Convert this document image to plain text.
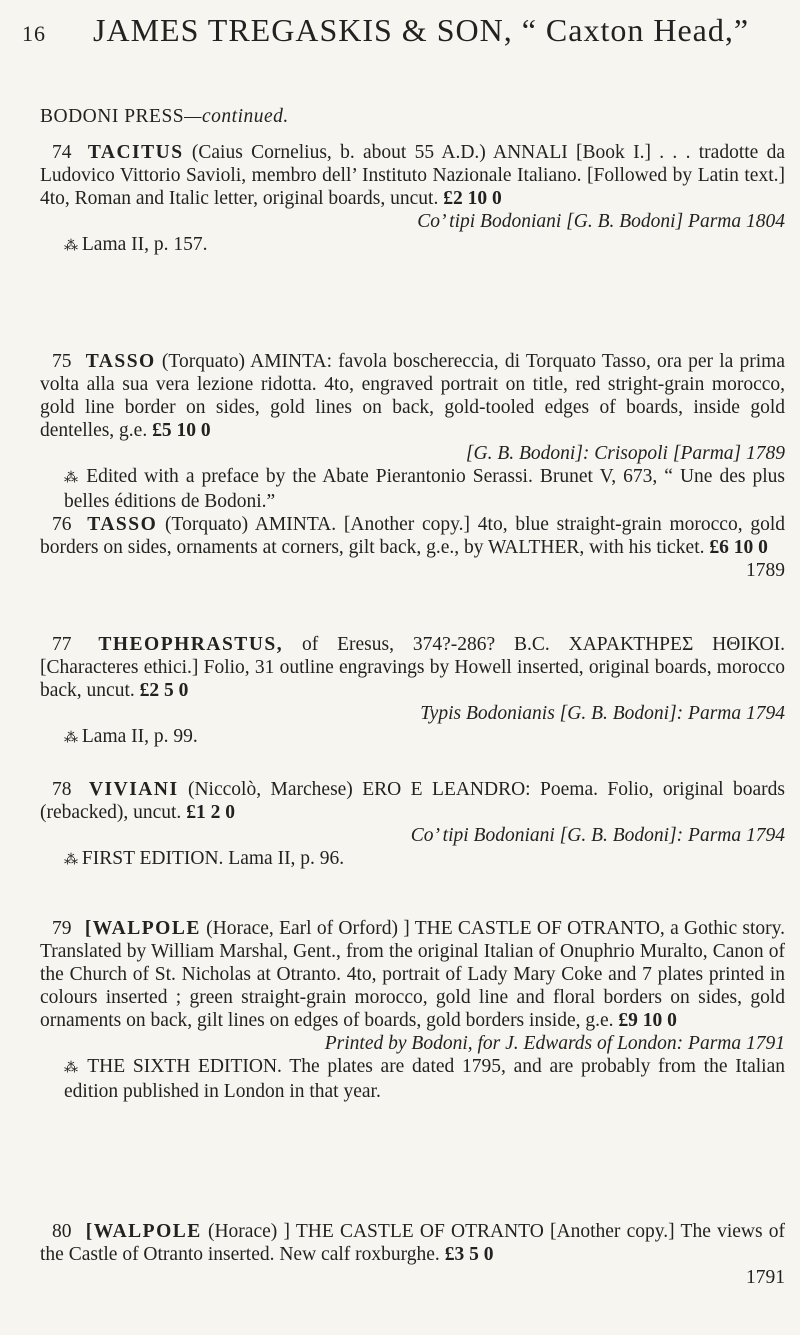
16 JAMES TREGASKIS & SON, “ Caxton Head,”
BODONI PRESS—continued.

74 TACITUS (Caius Cornelius, b. about 55 A.D.) ANNALI [Book I.] . . . tradotte da Ludovico Vittorio Savioli, membro dell’ Instituto Nazionale Italiano. [Followed by Latin text.] 4to, Roman and Italic letter, original boards, uncut. £2 10 0

Co’ tipi Bodoniani [G. B. Bodoni] Parma 1804

⁂ Lama II, p. 157.

75 TASSO (Torquato) AMINTA: favola boschereccia, di Torquato Tasso, ora per la prima volta alla sua vera lezione ridotta. 4to, engraved portrait on title, red stright-grain morocco, gold line border on sides, gold lines on back, gold-tooled edges of boards, inside gold dentelles, g.e. £5 10 0

[G. B. Bodoni]: Crisopoli [Parma] 1789

⁂ Edited with a preface by the Abate Pierantonio Serassi. Brunet V, 673, “ Une des plus belles éditions de Bodoni.”

76 TASSO (Torquato) AMINTA. [Another copy.] 4to, blue straight-grain morocco, gold borders on sides, ornaments at corners, gilt back, g.e., by WALTHER, with his ticket. £6 10 0

1789

77 THEOPHRASTUS, of Eresus, 374?-286? B.C. ΧΑΡΑΚΤΗΡΕΣ ΗΘΙΚΟΙ. [Characteres ethici.] Folio, 31 outline engravings by Howell inserted, original boards, morocco back, uncut. £2 5 0

Typis Bodonianis [G. B. Bodoni]: Parma 1794

⁂ Lama II, p. 99.

78 VIVIANI (Niccolò, Marchese) ERO E LEANDRO: Poema. Folio, original boards (rebacked), uncut. £1 2 0

Co’ tipi Bodoniani [G. B. Bodoni]: Parma 1794

⁂ FIRST EDITION. Lama II, p. 96.

79 [WALPOLE (Horace, Earl of Orford) ] THE CASTLE OF OTRANTO, a Gothic story. Translated by William Marshal, Gent., from the original Italian of Onuphrio Muralto, Canon of the Church of St. Nicholas at Otranto. 4to, portrait of Lady Mary Coke and 7 plates printed in colours inserted ; green straight-grain morocco, gold line and floral borders on sides, gold ornaments on back, gilt lines on edges of boards, gold borders inside, g.e. £9 10 0

Printed by Bodoni, for J. Edwards of London: Parma 1791

⁂ THE SIXTH EDITION. The plates are dated 1795, and are probably from the Italian edition published in London in that year.

80 [WALPOLE (Horace) ] THE CASTLE OF OTRANTO [Another copy.] The views of the Castle of Otranto inserted. New calf roxburghe. £3 5 0

1791
